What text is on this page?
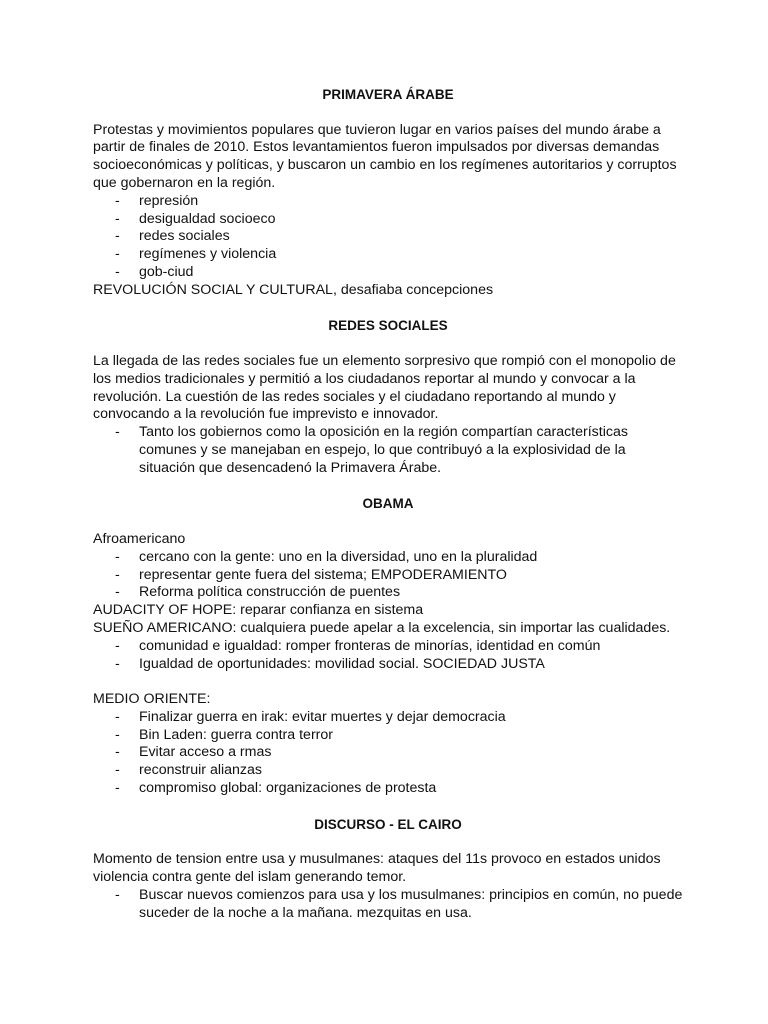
PRIMAVERA ÁRABE

Protestas y movimientos populares que tuvieron lugar en varios países del mundo árabe a partir de finales de 2010. Estos levantamientos fueron impulsados por diversas demandas socioeconómicas y políticas, y buscaron un cambio en los regímenes autoritarios y corruptos que gobernaron en la región.

- represión
- desigualdad socioeco
- redes sociales
- regímenes y violencia
- gob-ciud

REVOLUCIÓN SOCIAL Y CULTURAL, desafiaba concepciones

REDES SOCIALES

La llegada de las redes sociales fue un elemento sorpresivo que rompió con el monopolio de los medios tradicionales y permitió a los ciudadanos reportar al mundo y convocar a la revolución. La cuestión de las redes sociales y el ciudadano reportando al mundo y convocando a la revolución fue imprevisto e innovador.

- Tanto los gobiernos como la oposición en la región compartían características comunes y se manejaban en espejo, lo que contribuyó a la explosividad de la situación que desencadenó la Primavera Árabe.
OBAMA

Afroamericano

- cercano con la gente: uno en la diversidad, uno en la pluralidad
- representar gente fuera del sistema; EMPODERAMIENTO
- Reforma política construcción de puentes

AUDACITY OF HOPE: reparar confianza en sistema

SUEÑO AMERICANO: cualquiera puede apelar a la excelencia, sin importar las cualidades.

- comunidad e igualdad: romper fronteras de minorías, identidad en común
- Igualdad de oportunidades: movilidad social. SOCIEDAD JUSTA

MEDIO ORIENTE:

- Finalizar guerra en irak: evitar muertes y dejar democracia
- Bin Laden: guerra contra terror
- Evitar acceso a rmas
- reconstruir alianzas
- compromiso global: organizaciones de protesta
DISCURSO - EL CAIRO

Momento de tension entre usa y musulmanes: ataques del 11s provoco en estados unidos violencia contra gente del islam generando temor.

- Buscar nuevos comienzos para usa y los musulmanes: principios en común, no puede suceder de la noche a la mañana. mezquitas en usa.
